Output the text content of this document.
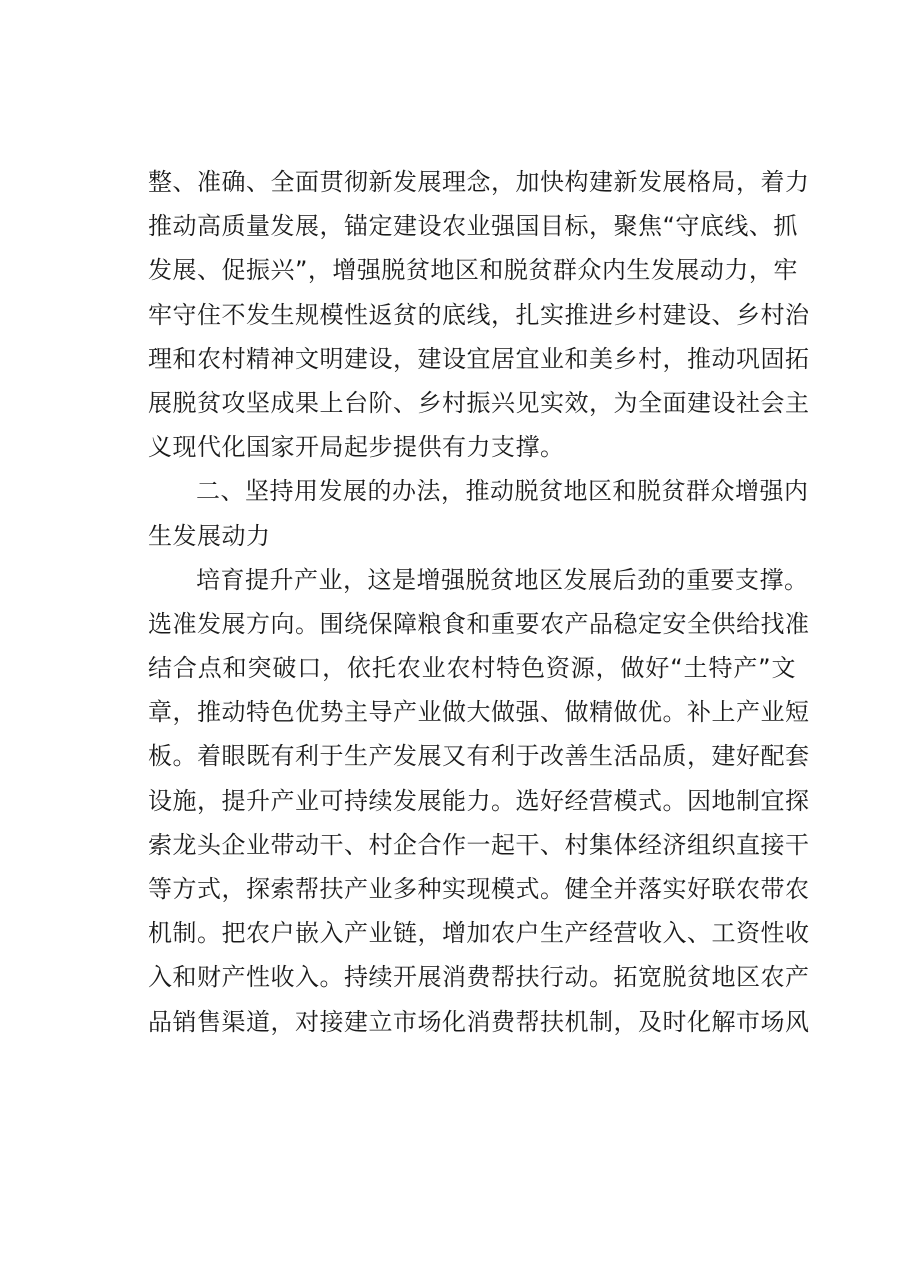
整、准确、全面贯彻新发展理念，加快构建新发展格局，着力
推动高质量发展，锚定建设农业强国目标，聚焦“守底线、抓
发展、促振兴”，增强脱贫地区和脱贫群众内生发展动力，牢
牢守住不发生规模性返贫的底线，扎实推进乡村建设、乡村治
理和农村精神文明建设，建设宜居宜业和美乡村，推动巩固拓
展脱贫攻坚成果上台阶、乡村振兴见实效，为全面建设社会主
义现代化国家开局起步提供有力支撑。
二、坚持用发展的办法，推动脱贫地区和脱贫群众增强内
生发展动力
培育提升产业，这是增强脱贫地区发展后劲的重要支撑。
选准发展方向。围绕保障粮食和重要农产品稳定安全供给找准
结合点和突破口，依托农业农村特色资源，做好“土特产”文
章，推动特色优势主导产业做大做强、做精做优。补上产业短
板。着眼既有利于生产发展又有利于改善生活品质，建好配套
设施，提升产业可持续发展能力。选好经营模式。因地制宜探
索龙头企业带动干、村企合作一起干、村集体经济组织直接干
等方式，探索帮扶产业多种实现模式。健全并落实好联农带农
机制。把农户嵌入产业链，增加农户生产经营收入、工资性收
入和财产性收入。持续开展消费帮扶行动。拓宽脱贫地区农产
品销售渠道，对接建立市场化消费帮扶机制，及时化解市场风
